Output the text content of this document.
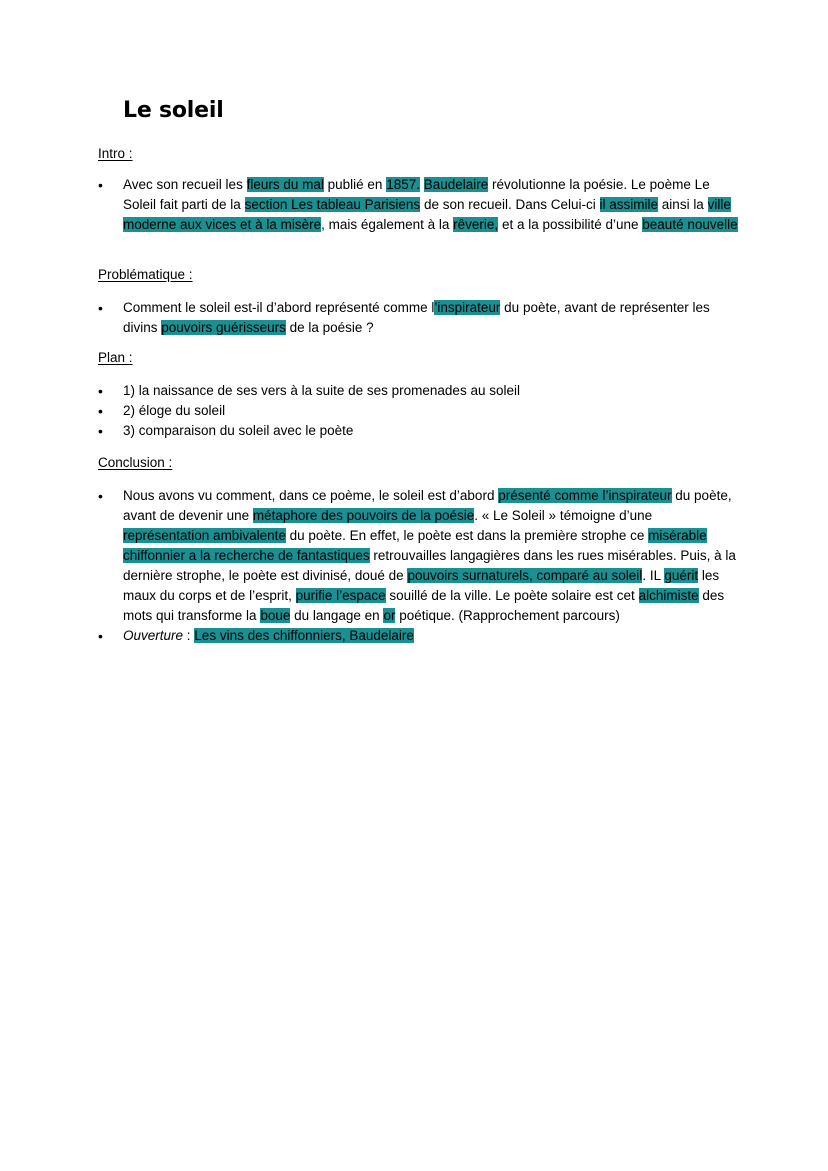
Le soleil
Intro :
• Avec son recueil les fleurs du mal publié en 1857. Baudelaire révolutionne la poésie. Le poème Le Soleil fait parti de la section Les tableau Parisiens de son recueil. Dans Celui-ci il assimile ainsi la ville moderne aux vices et à la misère, mais également à la rêverie, et a la possibilité d’une beauté nouvelle
Problématique :
• Comment le soleil est-il d’abord représenté comme l’inspirateur du poète, avant de représenter les divins pouvoirs guérisseurs de la poésie ?
Plan :
• 1) la naissance de ses vers à la suite de ses promenades au soleil
• 2) éloge du soleil
• 3) comparaison du soleil avec le poète
Conclusion :
• Nous avons vu comment, dans ce poème, le soleil est d’abord présenté comme l’inspirateur du poète, avant de devenir une métaphore des pouvoirs de la poésie. « Le Soleil » témoigne d’une représentation ambivalente du poète. En effet, le poète est dans la première strophe ce misérable chiffonnier a la recherche de fantastiques retrouvailles langagières dans les rues misérables. Puis, à la dernière strophe, le poète est divinisé, doué de pouvoirs surnaturels, comparé au soleil. IL guérit les maux du corps et de l’esprit, purifie l’espace souillé de la ville. Le poète solaire est cet alchimiste des mots qui transforme la boue du langage en or poétique. (Rapprochement parcours)
• Ouverture : Les vins des chiffonniers, Baudelaire
